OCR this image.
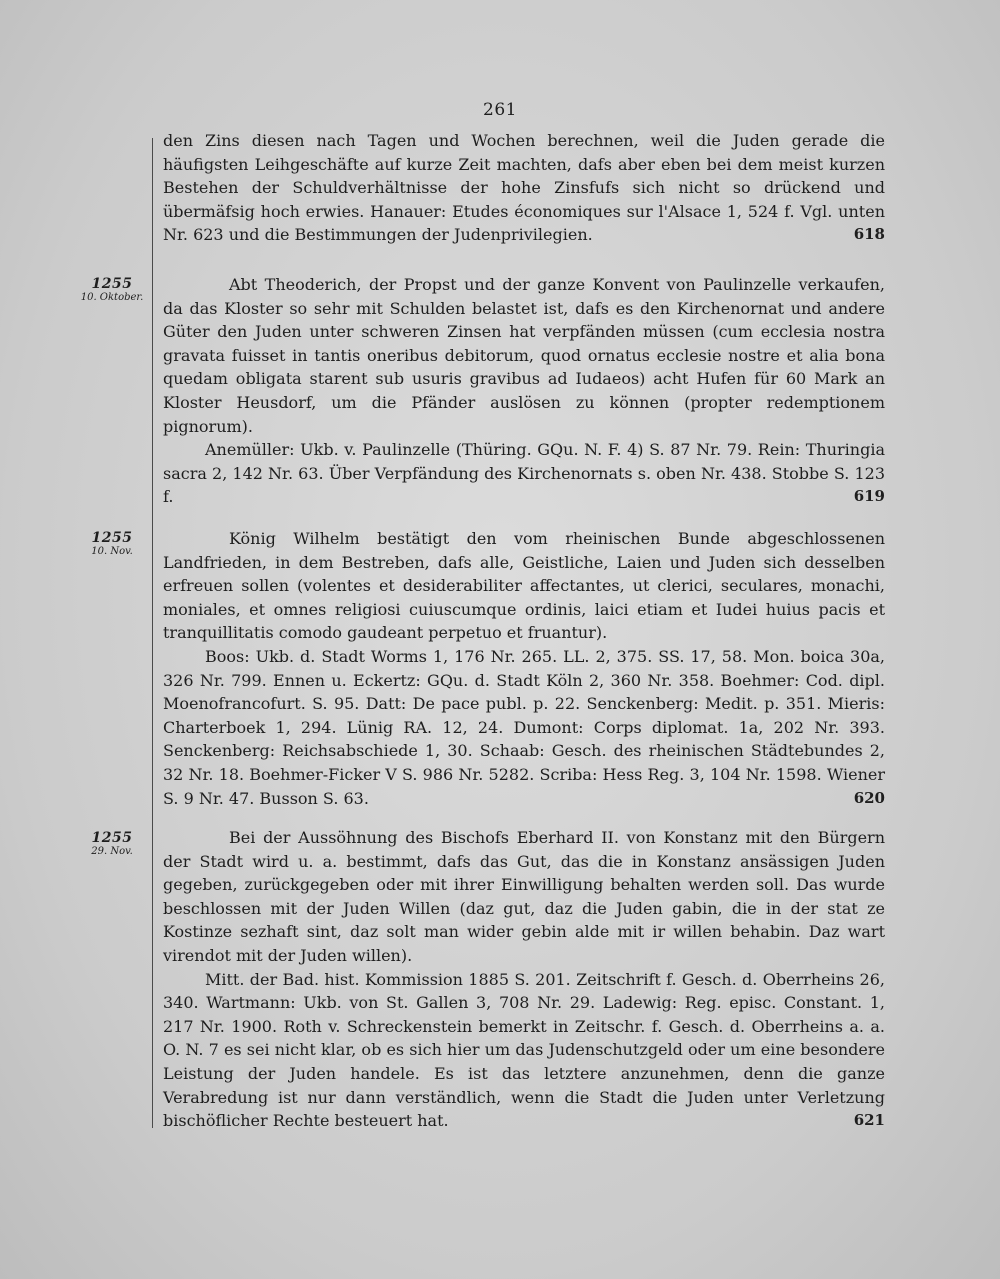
261

den Zins diesen nach Tagen und Wochen berechnen, weil die Juden gerade die häufigsten Leihgeschäfte auf kurze Zeit machten, dafs aber eben bei dem meist kurzen Bestehen der Schuldverhältnisse der hohe Zinsfufs sich nicht so drückend und übermäfsig hoch erwies. Hanauer: Etudes économiques sur l'Alsace 1, 524 f. Vgl. unten Nr. 623 und die Bestimmungen der Judenprivilegien.	618

1255
10. Oktober.

Abt Theoderich, der Propst und der ganze Konvent von Paulinzelle verkaufen, da das Kloster so sehr mit Schulden belastet ist, dafs es den Kirchenornat und andere Güter den Juden unter schweren Zinsen hat verpfänden müssen (cum ecclesia nostra gravata fuisset in tantis oneribus debitorum, quod ornatus ecclesie nostre et alia bona quedam obligata starent sub usuris gravibus ad Iudaeos) acht Hufen für 60 Mark an Kloster Heusdorf, um die Pfänder auslösen zu können (propter redemptionem pignorum).

Anemüller: Ukb. v. Paulinzelle (Thüring. GQu. N. F. 4) S. 87 Nr. 79. Rein: Thuringia sacra 2, 142 Nr. 63. Über Verpfändung des Kirchenornats s. oben Nr. 438. Stobbe S. 123 f.	619

1255
10. Nov.

König Wilhelm bestätigt den vom rheinischen Bunde abgeschlossenen Landfrieden, in dem Bestreben, dafs alle, Geistliche, Laien und Juden sich desselben erfreuen sollen (volentes et desiderabiliter affectantes, ut clerici, seculares, monachi, moniales, et omnes religiosi cuiuscumque ordinis, laici etiam et Iudei huius pacis et tranquillitatis comodo gaudeant perpetuo et fruantur).

Boos: Ukb. d. Stadt Worms 1, 176 Nr. 265. LL. 2, 375. SS. 17, 58. Mon. boica 30a, 326 Nr. 799. Ennen u. Eckertz: GQu. d. Stadt Köln 2, 360 Nr. 358. Boehmer: Cod. dipl. Moenofrancofurt. S. 95. Datt: De pace publ. p. 22. Senckenberg: Medit. p. 351. Mieris: Charterboek 1, 294. Lünig RA. 12, 24. Dumont: Corps diplomat. 1a, 202 Nr. 393. Senckenberg: Reichsabschiede 1, 30. Schaab: Gesch. des rheinischen Städtebundes 2, 32 Nr. 18. Boehmer-Ficker V S. 986 Nr. 5282. Scriba: Hess Reg. 3, 104 Nr. 1598. Wiener S. 9 Nr. 47. Busson S. 63.	620

1255
29. Nov.

Bei der Aussöhnung des Bischofs Eberhard II. von Konstanz mit den Bürgern der Stadt wird u. a. bestimmt, dafs das Gut, das die in Konstanz ansässigen Juden gegeben, zurückgegeben oder mit ihrer Einwilligung behalten werden soll. Das wurde beschlossen mit der Juden Willen (daz gut, daz die Juden gabin, die in der stat ze Kostinze sezhaft sint, daz solt man wider gebin alde mit ir willen behabin. Daz wart virendot mit der Juden willen).

Mitt. der Bad. hist. Kommission 1885 S. 201. Zeitschrift f. Gesch. d. Oberrheins 26, 340. Wartmann: Ukb. von St. Gallen 3, 708 Nr. 29. Ladewig: Reg. episc. Constant. 1, 217 Nr. 1900. Roth v. Schreckenstein bemerkt in Zeitschr. f. Gesch. d. Oberrheins a. a. O. N. 7 es sei nicht klar, ob es sich hier um das Judenschutzgeld oder um eine besondere Leistung der Juden handele. Es ist das letztere anzunehmen, denn die ganze Verabredung ist nur dann verständlich, wenn die Stadt die Juden unter Verletzung bischöflicher Rechte besteuert hat.	621
